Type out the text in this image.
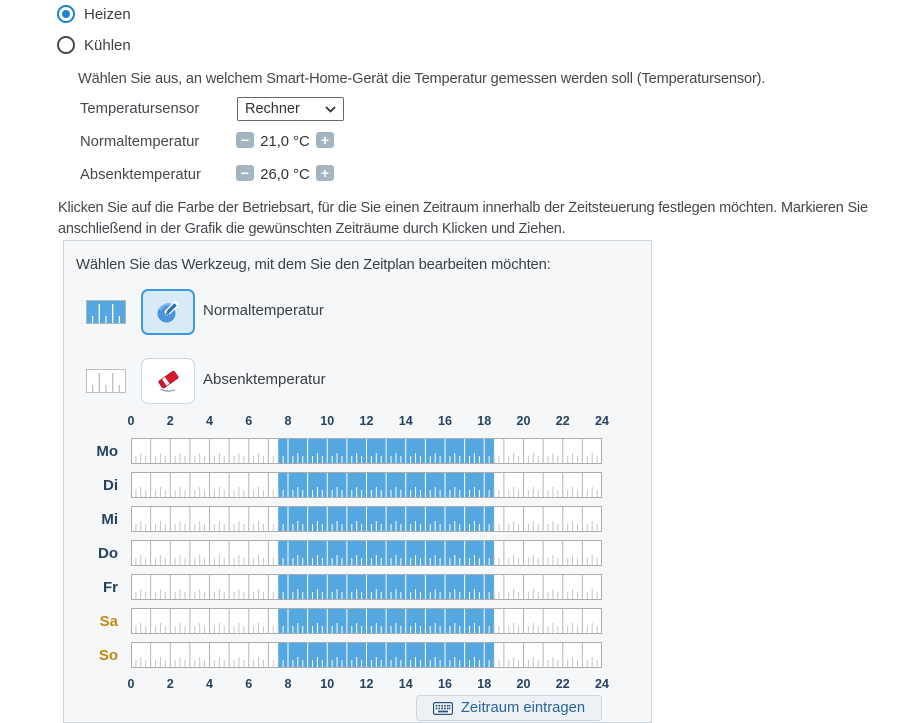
Heizen
Kühlen
Wählen Sie aus, an welchem Smart-Home-Gerät die Temperatur gemessen werden soll (Temperatursensor).
Temperatursensor	Rechner
Normaltemperatur	− 21,0 °C +
Absenktemperatur	− 26,0 °C +
Klicken Sie auf die Farbe der Betriebsart, für die Sie einen Zeitraum innerhalb der Zeitsteuerung festlegen möchten. Markieren Sie anschließend in der Grafik die gewünschten Zeiträume durch Klicken und Ziehen.
Wählen Sie das Werkzeug, mit dem Sie den Zeitplan bearbeiten möchten:
Normaltemperatur
Absenktemperatur
0	2	4	6	8	10	12	14	16	18	20	22	24
Mo
Di
Mi
Do
Fr
Sa
So
0	2	4	6	8	10	12	14	16	18	20	22	24
Zeitraum eintragen
